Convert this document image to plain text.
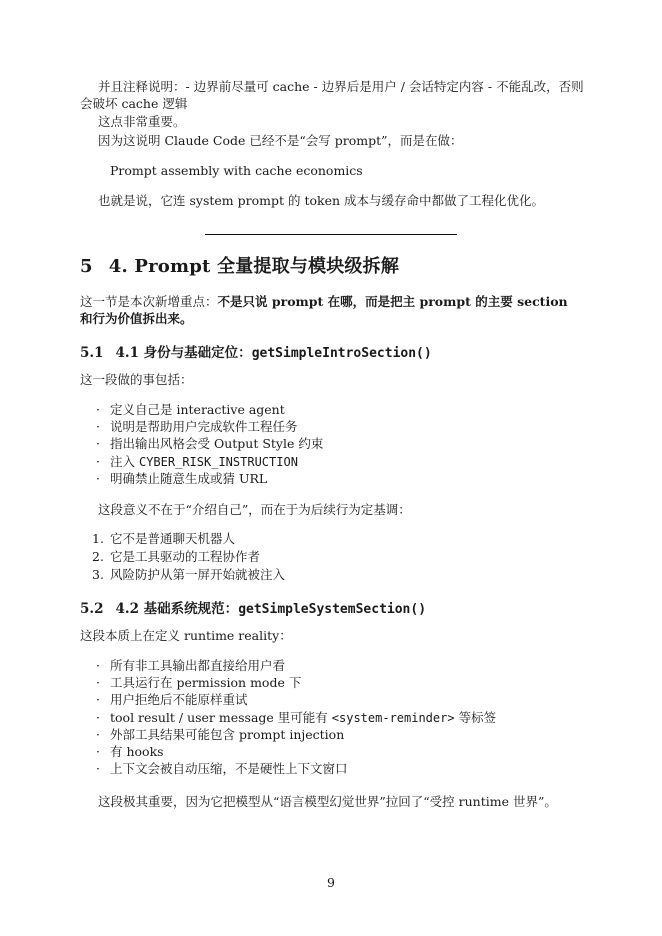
并且注释说明：- 边界前尽量可 cache - 边界后是用户 / 会话特定内容 - 不能乱改，否则会破坏 cache 逻辑
这点非常重要。
因为这说明 Claude Code 已经不是“会写 prompt”，而是在做：
Prompt assembly with cache economics
也就是说，它连 system prompt 的 token 成本与缓存命中都做了工程化优化。
5 4. Prompt 全量提取与模块级拆解
这一节是本次新增重点：不是只说 prompt 在哪，而是把主 prompt 的主要 section 和行为价值拆出来。
5.1 4.1 身份与基础定位：getSimpleIntroSection()
这一段做的事包括：
· 定义自己是 interactive agent
· 说明是帮助用户完成软件工程任务
· 指出输出风格会受 Output Style 约束
· 注入 CYBER_RISK_INSTRUCTION
· 明确禁止随意生成或猜 URL
这段意义不在于“介绍自己”，而在于为后续行为定基调：
1. 它不是普通聊天机器人
2. 它是工具驱动的工程协作者
3. 风险防护从第一屏开始就被注入
5.2 4.2 基础系统规范：getSimpleSystemSection()
这段本质上在定义 runtime reality：
· 所有非工具输出都直接给用户看
· 工具运行在 permission mode 下
· 用户拒绝后不能原样重试
· tool result / user message 里可能有 <system-reminder> 等标签
· 外部工具结果可能包含 prompt injection
· 有 hooks
· 上下文会被自动压缩，不是硬性上下文窗口
这段极其重要，因为它把模型从“语言模型幻觉世界”拉回了“受控 runtime 世界”。
9
